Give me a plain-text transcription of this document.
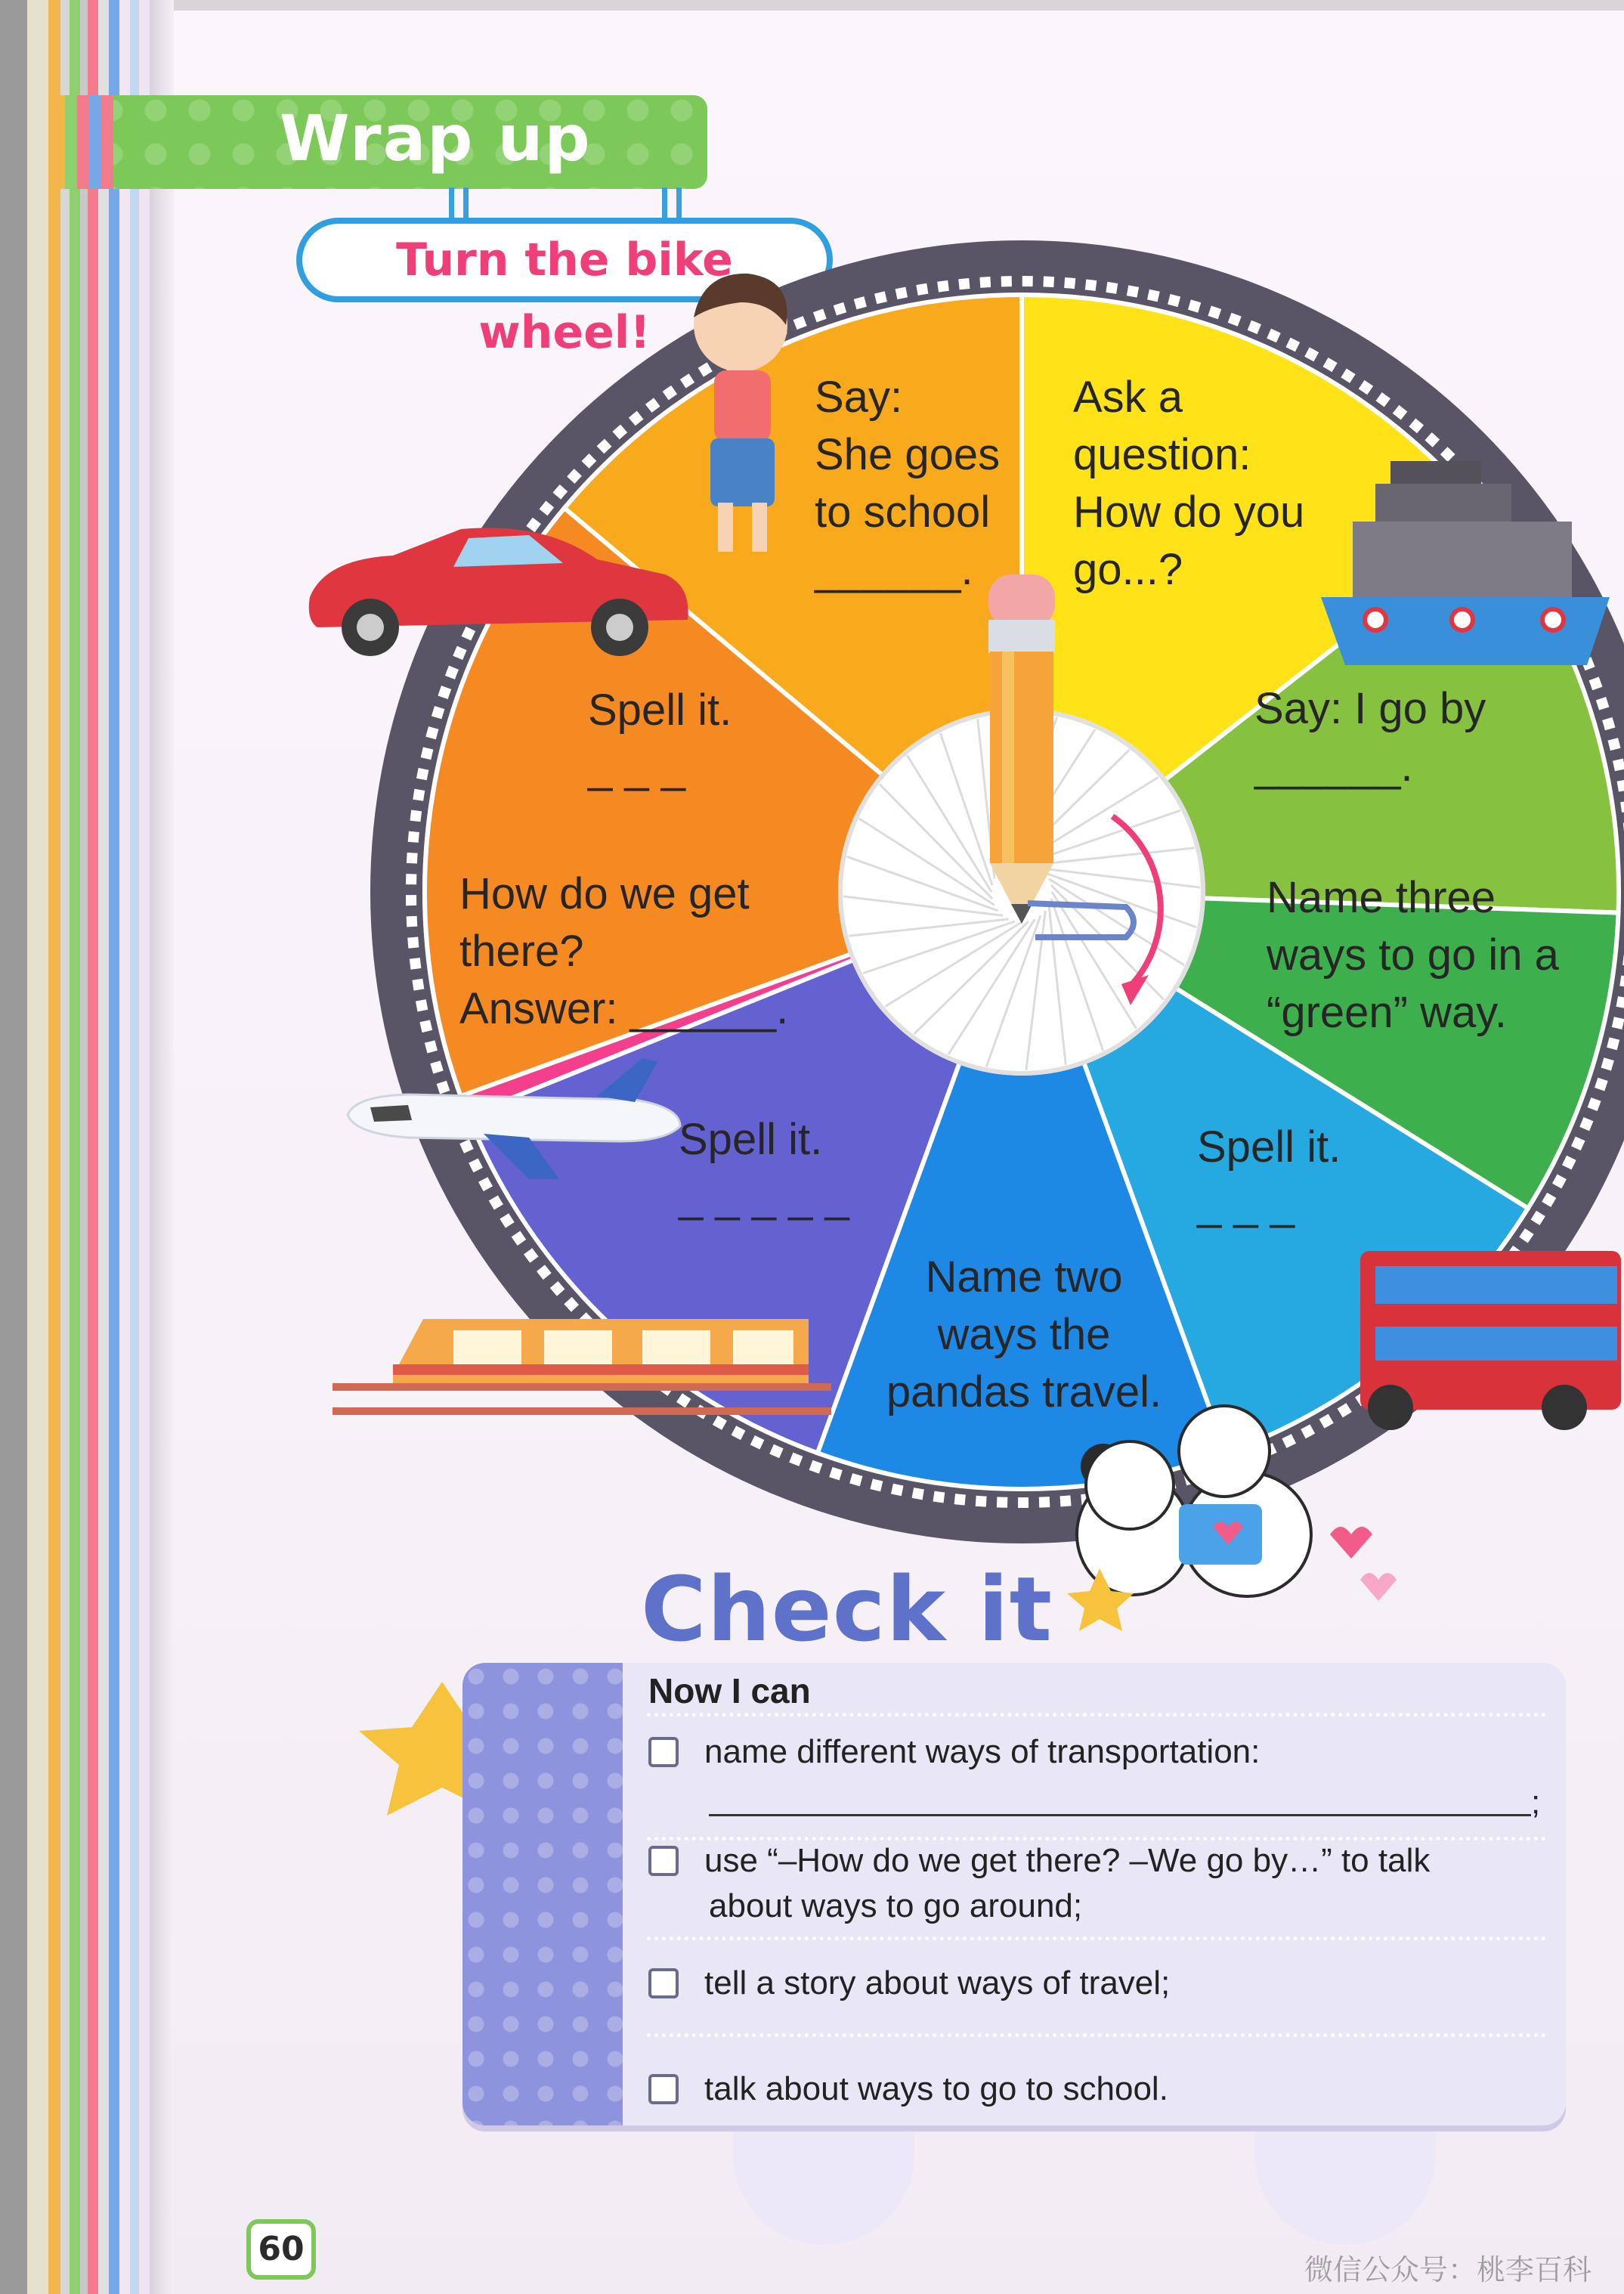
Wrap up
Turn the bike wheel!
Say:
She goes
to school
______.
Ask a
question:
How do you
go...?
Say: I go by
______.
Name three
ways to go in a
“green” way.
Spell it.
_ _ _
Name two
ways the
pandas travel.
Spell it.
_ _ _ _ _
How do we get
there?
Answer: ______.
Spell it.
_ _ _
Check it
Now I can
name different ways of transportation:
;
use “–How do we get there? –We go by…” to talk
about ways to go around;
tell a story about ways of travel;
talk about ways to go to school.
60
微信公众号：桃李百科
